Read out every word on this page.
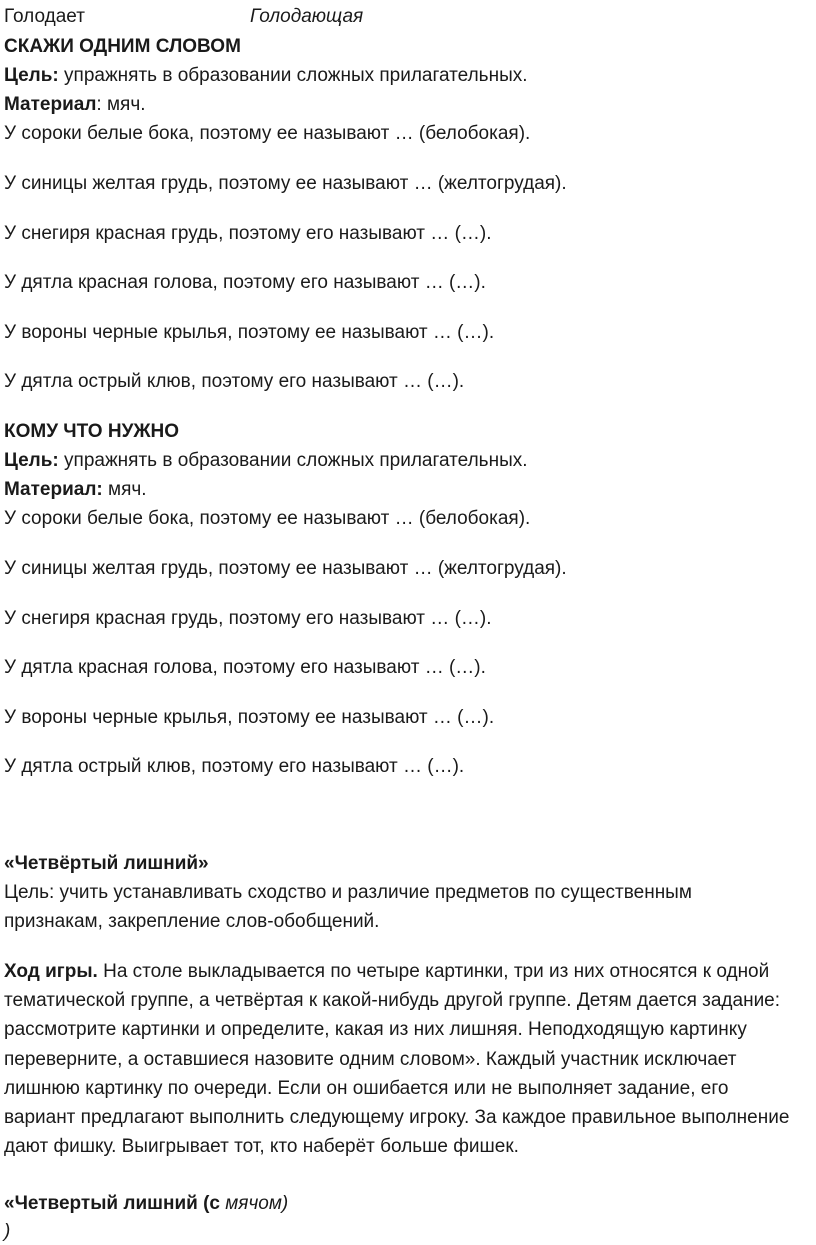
Голодает	Голодающая
СКАЖИ ОДНИМ СЛОВОМ
Цель: упражнять в образовании сложных прилагательных.
Материал: мяч.
У сороки белые бока, поэтому ее называют … (белобокая).
У синицы желтая грудь, поэтому ее называют … (желтогрудая).
У снегиря красная грудь, поэтому его называют … (…).
У дятла красная голова, поэтому его называют … (…).
У вороны черные крылья, поэтому ее называют … (…).
У дятла острый клюв, поэтому его называют … (…).
КОМУ ЧТО НУЖНО
Цель: упражнять в образовании сложных прилагательных.
Материал: мяч.
У сороки белые бока, поэтому ее называют … (белобокая).
У синицы желтая грудь, поэтому ее называют … (желтогрудая).
У снегиря красная грудь, поэтому его называют … (…).
У дятла красная голова, поэтому его называют … (…).
У вороны черные крылья, поэтому ее называют … (…).
У дятла острый клюв, поэтому его называют … (…).
«Четвёртый лишний»
Цель: учить устанавливать сходство и различие предметов по существенным признакам, закрепление слов-обобщений.
Ход игры. На столе выкладывается по четыре картинки, три из них относятся к одной тематической группе, а четвёртая к какой-нибудь другой группе. Детям дается задание: рассмотрите картинки и определите, какая из них лишняя. Неподходящую картинку переверните, а оставшиеся назовите одним словом». Каждый участник исключает лишнюю картинку по очереди. Если он ошибается или не выполняет задание, его вариант предлагают выполнить следующему игроку. За каждое правильное выполнение дают фишку. Выигрывает тот, кто наберёт больше фишек.
«Четвертый лишний (с мячом)
)
